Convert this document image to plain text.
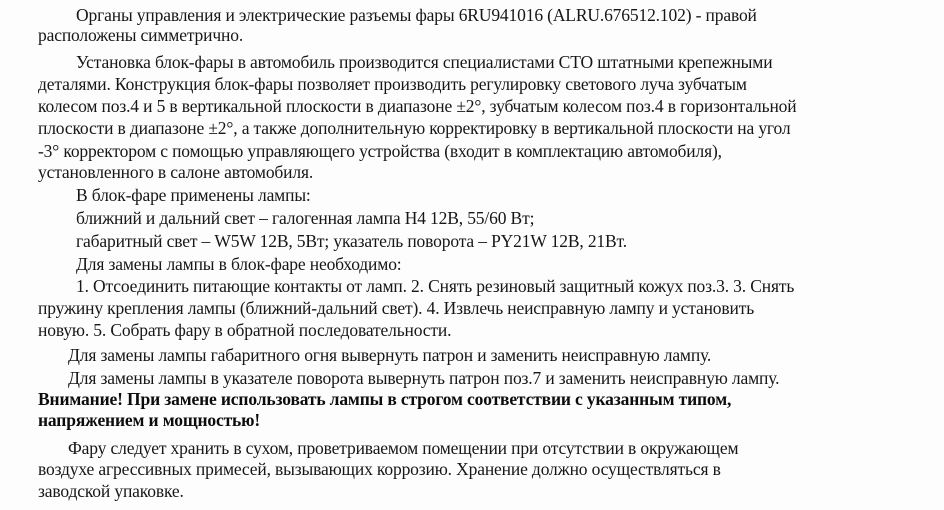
Органы управления и электрические разъемы фары 6RU941016 (ALRU.676512.102) - правой
расположены симметрично.
Установка блок-фары в автомобиль производится специалистами СТО штатными крепежными
деталями. Конструкция блок-фары позволяет производить регулировку светового луча зубчатым
колесом поз.4 и 5 в вертикальной плоскости в диапазоне ±2°, зубчатым колесом поз.4 в горизонтальной
плоскости в диапазоне ±2°, а также дополнительную корректировку в вертикальной плоскости на угол
-3° корректором с помощью управляющего устройства (входит в комплектацию автомобиля),
установленного в салоне автомобиля.
В блок-фаре применены лампы:
ближний и дальний свет – галогенная лампа H4 12В, 55/60 Вт;
габаритный свет – W5W 12В, 5Вт; указатель поворота – PY21W 12В, 21Вт.
Для замены лампы в блок-фаре необходимо:
1. Отсоединить питающие контакты от ламп. 2. Снять резиновый защитный кожух поз.3. 3. Снять
пружину крепления лампы (ближний-дальний свет). 4. Извлечь неисправную лампу и установить
новую. 5. Собрать фару в обратной последовательности.
Для замены лампы габаритного огня вывернуть патрон и заменить неисправную лампу.
Для замены лампы в указателе поворота вывернуть патрон поз.7 и заменить неисправную лампу.
Внимание! При замене использовать лампы в строгом соответствии с указанным типом,
напряжением и мощностью!
Фару следует хранить в сухом, проветриваемом помещении при отсутствии в окружающем
воздухе агрессивных примесей, вызывающих коррозию. Хранение должно осуществляться в
заводской упаковке.
